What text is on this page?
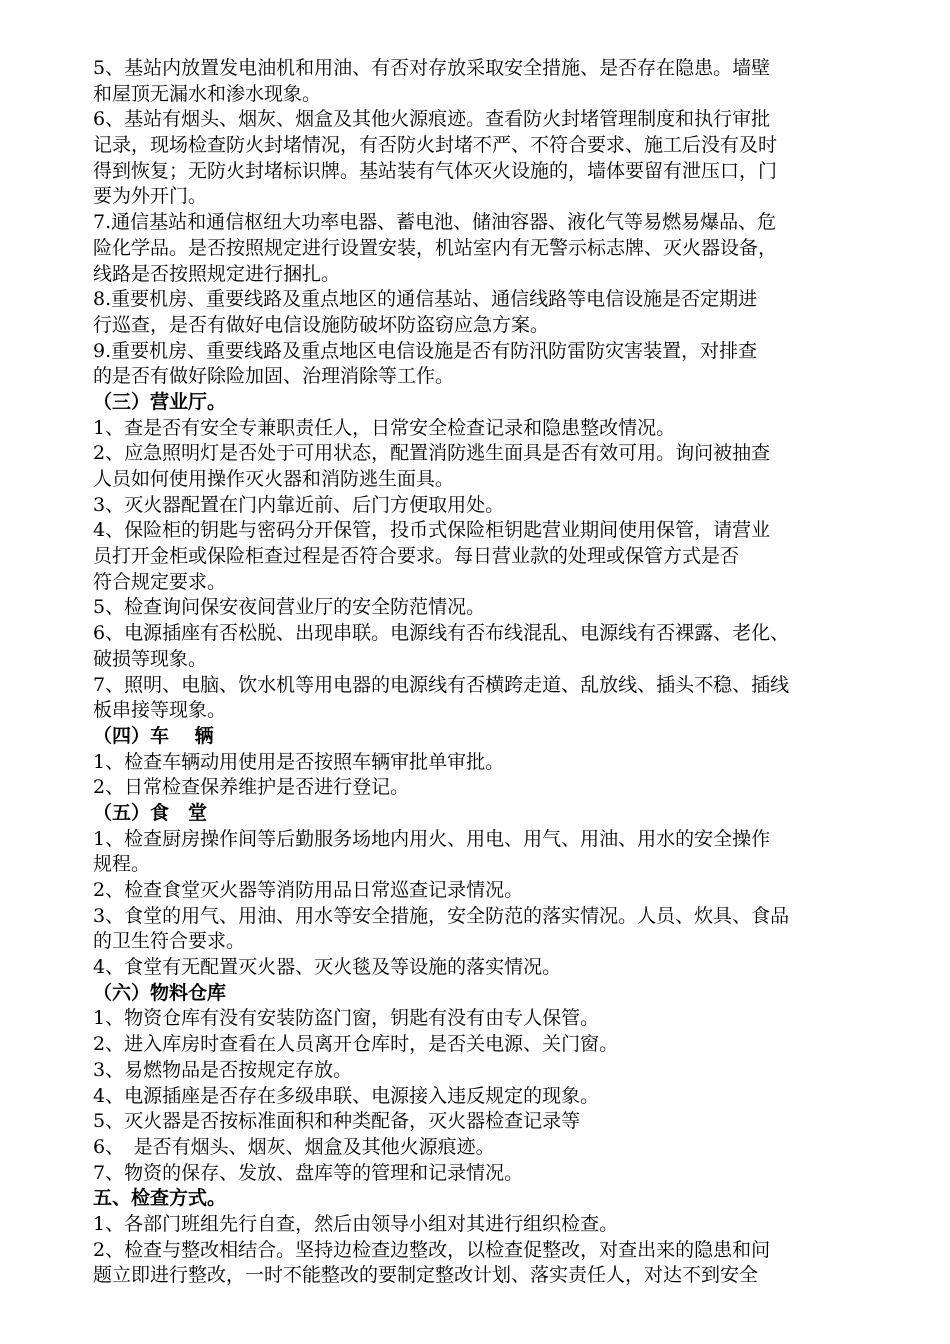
5、基站内放置发电油机和用油、有否对存放采取安全措施、是否存在隐患。墙壁
和屋顶无漏水和渗水现象。
6、基站有烟头、烟灰、烟盒及其他火源痕迹。查看防火封堵管理制度和执行审批
记录，现场检查防火封堵情况，有否防火封堵不严、不符合要求、施工后没有及时
得到恢复；无防火封堵标识牌。基站装有气体灭火设施的，墙体要留有泄压口，门
要为外开门。
7.通信基站和通信枢纽大功率电器、蓄电池、储油容器、液化气等易燃易爆品、危
险化学品。是否按照规定进行设置安装，机站室内有无警示标志牌、灭火器设备，
线路是否按照规定进行捆扎。
8.重要机房、重要线路及重点地区的通信基站、通信线路等电信设施是否定期进
行巡查，是否有做好电信设施防破坏防盗窃应急方案。
9.重要机房、重要线路及重点地区电信设施是否有防汛防雷防灾害装置，对排查
的是否有做好除险加固、治理消除等工作。
（三）营业厅。
1、查是否有安全专兼职责任人，日常安全检查记录和隐患整改情况。
2、应急照明灯是否处于可用状态，配置消防逃生面具是否有效可用。询问被抽查
人员如何使用操作灭火器和消防逃生面具。
3、灭火器配置在门内靠近前、后门方便取用处。
4、保险柜的钥匙与密码分开保管，投币式保险柜钥匙营业期间使用保管，请营业
员打开金柜或保险柜查过程是否符合要求。每日营业款的处理或保管方式是否
符合规定要求。
5、检查询问保安夜间营业厅的安全防范情况。
6、电源插座有否松脱、出现串联。电源线有否布线混乱、电源线有否裸露、老化、
破损等现象。
7、照明、电脑、饮水机等用电器的电源线有否横跨走道、乱放线、插头不稳、插线
板串接等现象。
（四）车　 辆
1、检查车辆动用使用是否按照车辆审批单审批。
2、日常检查保养维护是否进行登记。
（五）食　堂
1、检查厨房操作间等后勤服务场地内用火、用电、用气、用油、用水的安全操作
规程。
2、检查食堂灭火器等消防用品日常巡查记录情况。
3、食堂的用气、用油、用水等安全措施，安全防范的落实情况。人员、炊具、食品
的卫生符合要求。
4、食堂有无配置灭火器、灭火毯及等设施的落实情况。
（六）物料仓库
1、物资仓库有没有安装防盗门窗，钥匙有没有由专人保管。
2、进入库房时查看在人员离开仓库时，是否关电源、关门窗。
3、易燃物品是否按规定存放。
4、电源插座是否存在多级串联、电源接入违反规定的现象。
5、灭火器是否按标准面积和种类配备，灭火器检查记录等
6、　是否有烟头、烟灰、烟盒及其他火源痕迹。
7、物资的保存、发放、盘库等的管理和记录情况。
五、检查方式。
1、各部门班组先行自查，然后由领导小组对其进行组织检查。
2、检查与整改相结合。坚持边检查边整改，以检查促整改，对查出来的隐患和问
题立即进行整改，一时不能整改的要制定整改计划、落实责任人，对达不到安全
